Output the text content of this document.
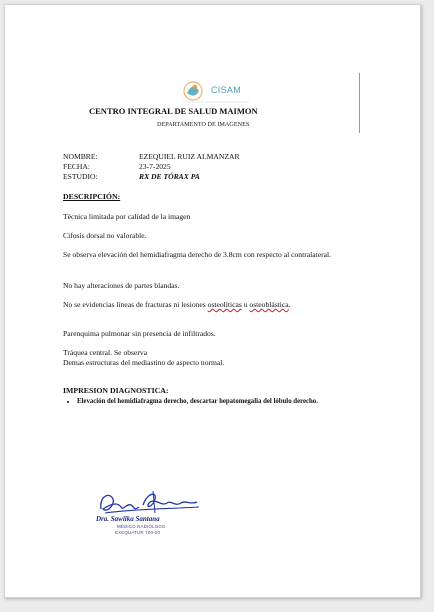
CISAM
CENTRO INTEGRAL DE SALUD MAIMON
DEPARTAMENTO DE IMAGENES
NOMBRE:	EZEQUIEL RUIZ ALMANZAR
FECHA:	23-7-2025
ESTUDIO:	RX DE TÓRAX PA
DESCRIPCIÓN:
Técnica limitada por calidad de la imagen
Cifosis dorsal no valorable.
Se observa elevación del hemidiafragma derecho de 3.8cm con respecto al contralateral.
No hay alteraciones de partes blandas.
No se evidencias líneas de fracturas ni lesiones osteolíticas u osteoblástica.
Parenquima pulmonar sin presencia de infiltrados.
Tráquea central. Se observa
Demas estructuras del mediastino de aspecto normal.
IMPRESION DIAGNOSTICA:
• Elevación del hemidiafragma derecho, descartar hepatomegalia del lóbulo derecho.
Dra. Sawilka Santana
MÉDICO RADIÓLOGO
EXEQUATUR 700-20
